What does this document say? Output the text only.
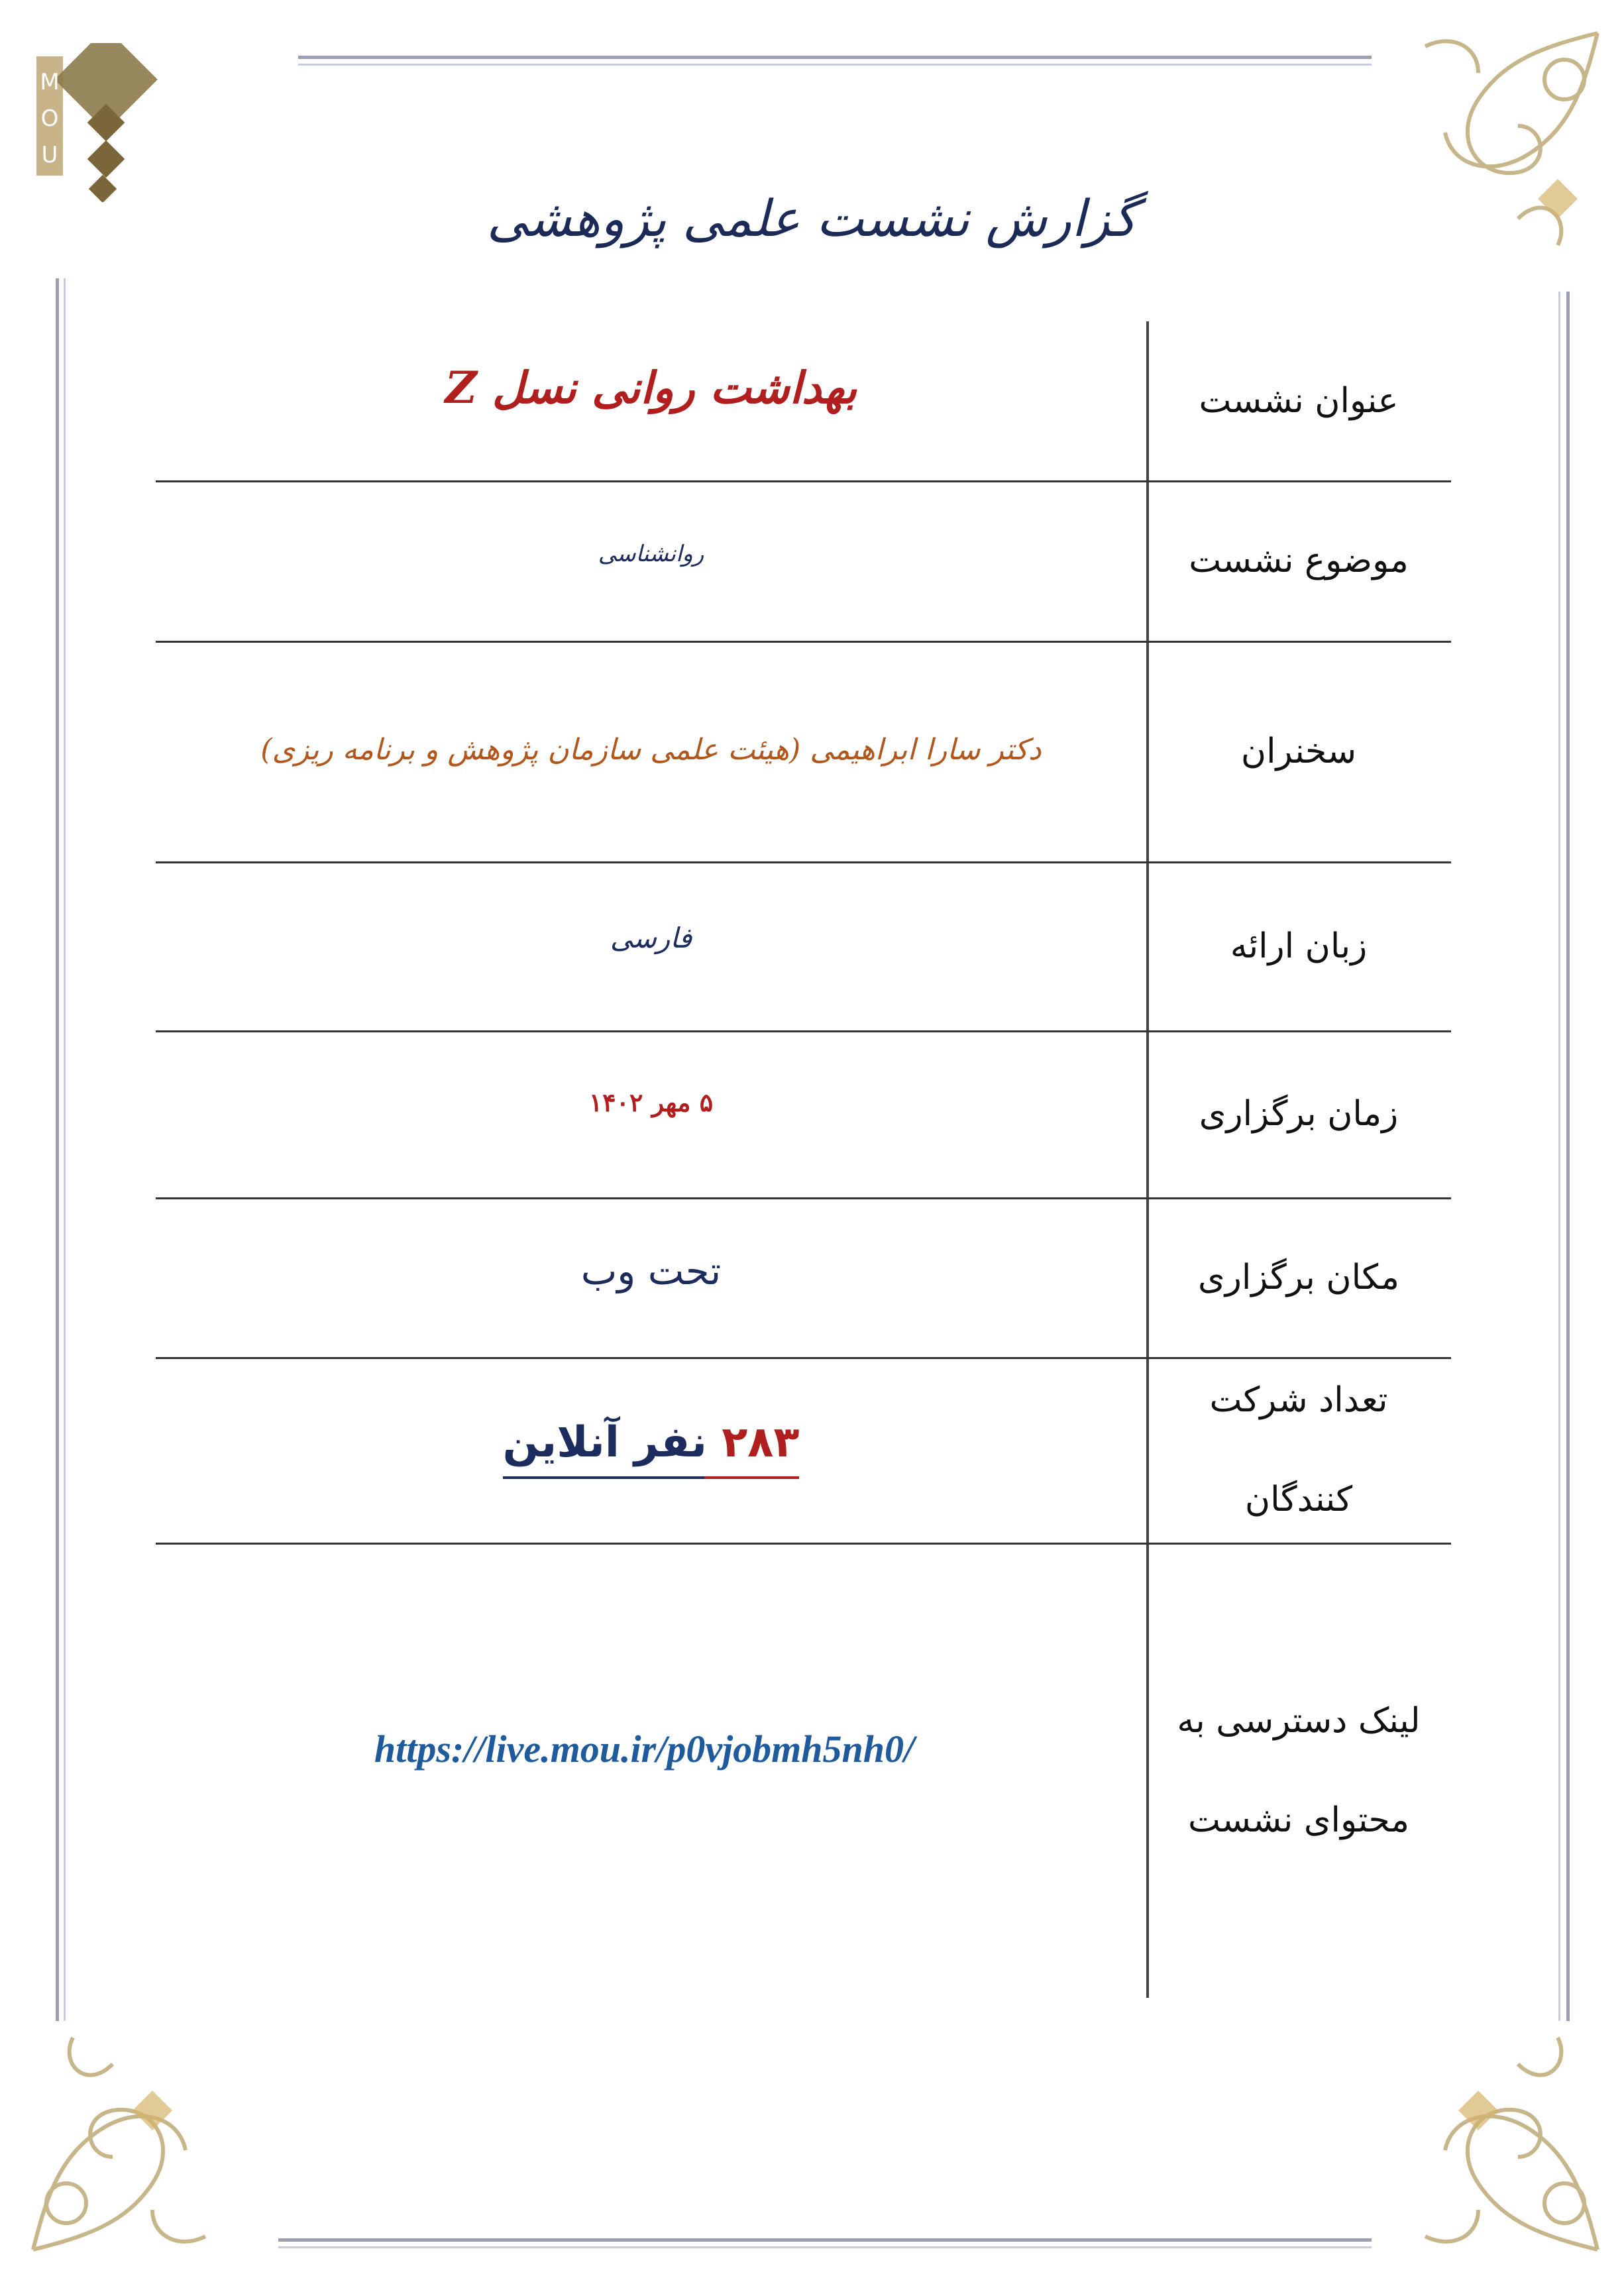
M
O
U
گزارش نشست علمی پژوهشی
عنوان نشست
بهداشت روانی نسل Z
موضوع نشست
روانشناسی
سخنران
دکتر سارا ابراهیمی (هیئت علمی سازمان پژوهش و برنامه ریزی)
زبان ارائه
فارسی
زمان برگزاری
۵ مهر ۱۴۰۲
مکان برگزاری
تحت وب
تعداد شرکت
کنندگان
۲۸۳ نفر آنلاین
لینک دسترسی به
محتوای نشست
https://live.mou.ir/p0vjobmh5nh0/
